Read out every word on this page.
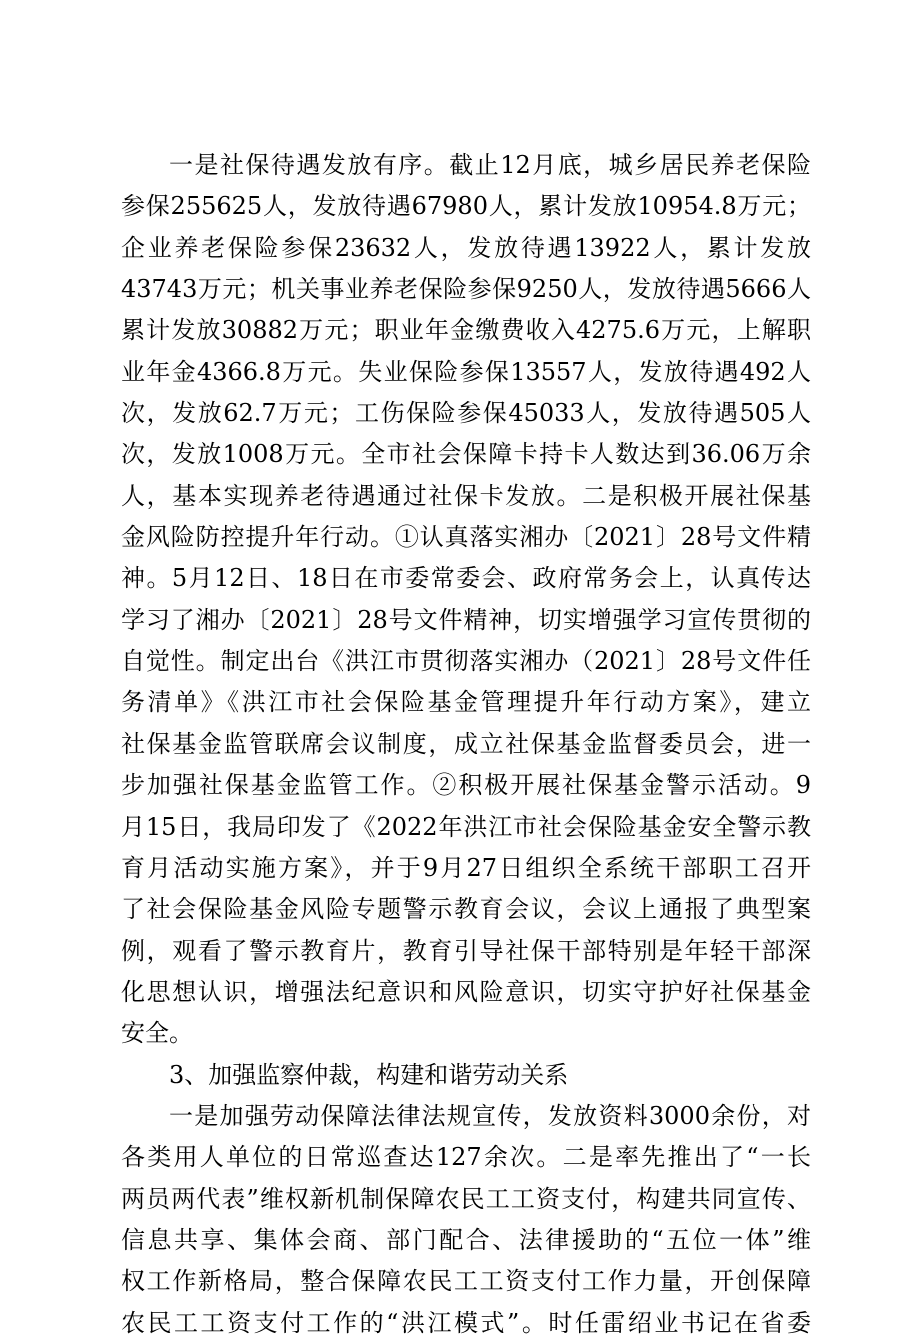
一是社保待遇发放有序。截止12月底，城乡居民养老保险
参保255625人，发放待遇67980人，累计发放10954.8万元；
企业养老保险参保23632人，发放待遇13922人，累计发放
43743万元；机关事业养老保险参保9250人，发放待遇5666人
累计发放30882万元；职业年金缴费收入4275.6万元，上解职
业年金4366.8万元。失业保险参保13557人，发放待遇492人
次，发放62.7万元；工伤保险参保45033人，发放待遇505人
次，发放1008万元。全市社会保障卡持卡人数达到36.06万余
人，基本实现养老待遇通过社保卡发放。二是积极开展社保基
金风险防控提升年行动。①认真落实湘办〔2021〕28号文件精
神。5月12日、18日在市委常委会、政府常务会上，认真传达
学习了湘办〔2021〕28号文件精神，切实增强学习宣传贯彻的
自觉性。制定出台《洪江市贯彻落实湘办（2021〕28号文件任
务清单》《洪江市社会保险基金管理提升年行动方案》，建立
社保基金监管联席会议制度，成立社保基金监督委员会，进一
步加强社保基金监管工作。②积极开展社保基金警示活动。9
月15日，我局印发了《2022年洪江市社会保险基金安全警示教
育月活动实施方案》，并于9月27日组织全系统干部职工召开
了社会保险基金风险专题警示教育会议，会议上通报了典型案
例，观看了警示教育片，教育引导社保干部特别是年轻干部深
化思想认识，增强法纪意识和风险意识，切实守护好社保基金
安全。
3、加强监察仲裁，构建和谐劳动关系
一是加强劳动保障法律法规宣传，发放资料3000余份，对
各类用人单位的日常巡查达127余次。二是率先推出了“一长
两员两代表”维权新机制保障农民工工资支付，构建共同宣传、
信息共享、集体会商、部门配合、法律援助的“五位一体”维
权工作新格局，整合保障农民工工资支付工作力量，开创保障
农民工工资支付工作的“洪江模式”。时任雷绍业书记在省委
